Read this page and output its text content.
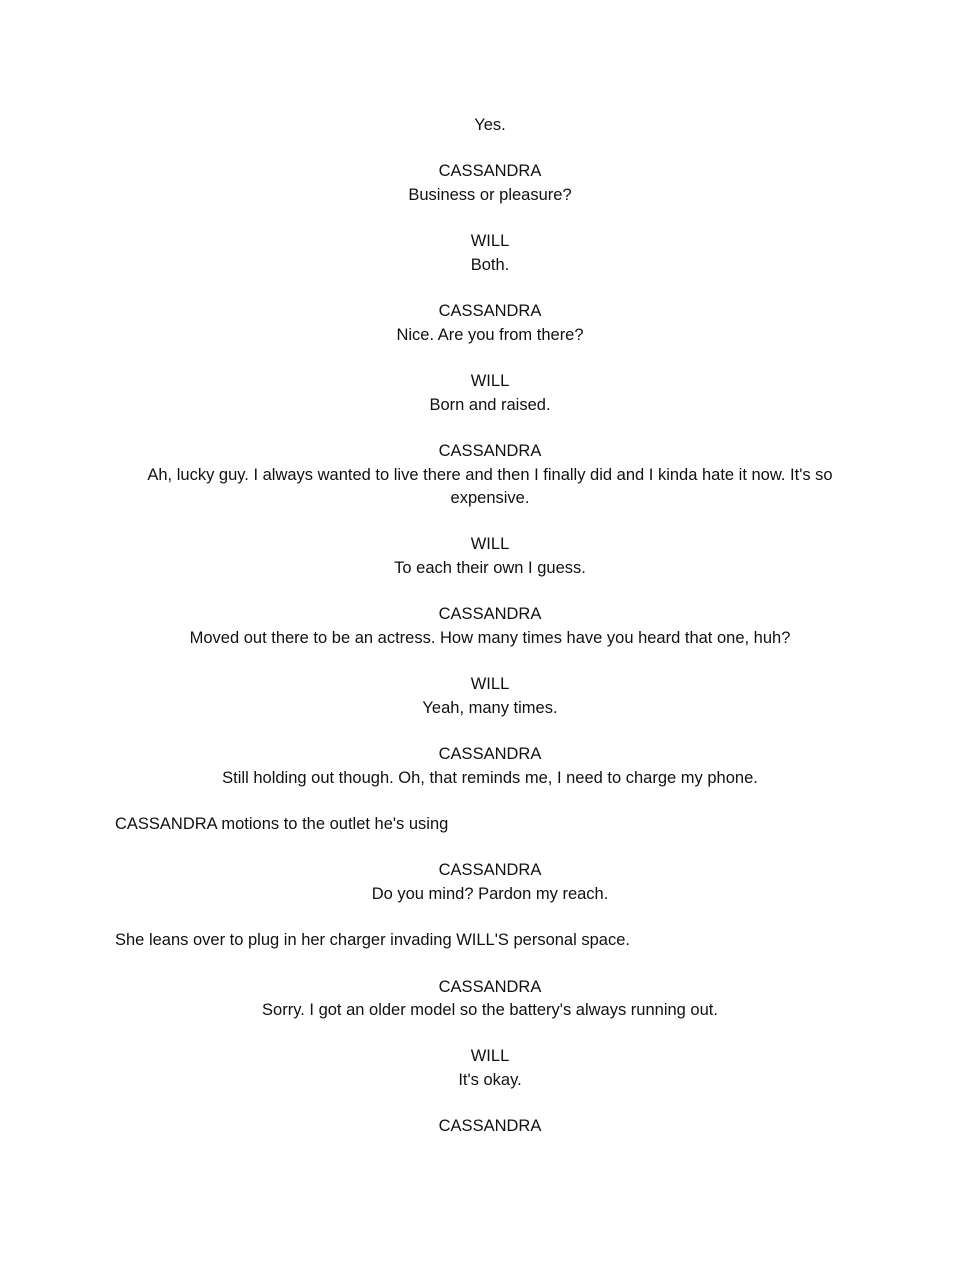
Yes.
CASSANDRA
Business or pleasure?
WILL
Both.
CASSANDRA
Nice. Are you from there?
WILL
Born and raised.
CASSANDRA
Ah, lucky guy. I always wanted to live there and then I finally did and I kinda hate it now. It's so expensive.
WILL
To each their own I guess.
CASSANDRA
Moved out there to be an actress. How many times have you heard that one, huh?
WILL
Yeah, many times.
CASSANDRA
Still holding out though. Oh, that reminds me, I need to charge my phone.
CASSANDRA motions to the outlet he's using
CASSANDRA
Do you mind? Pardon my reach.
She leans over to plug in her charger invading WILL'S personal space.
CASSANDRA
Sorry. I got an older model so the battery's always running out.
WILL
It's okay.
CASSANDRA
